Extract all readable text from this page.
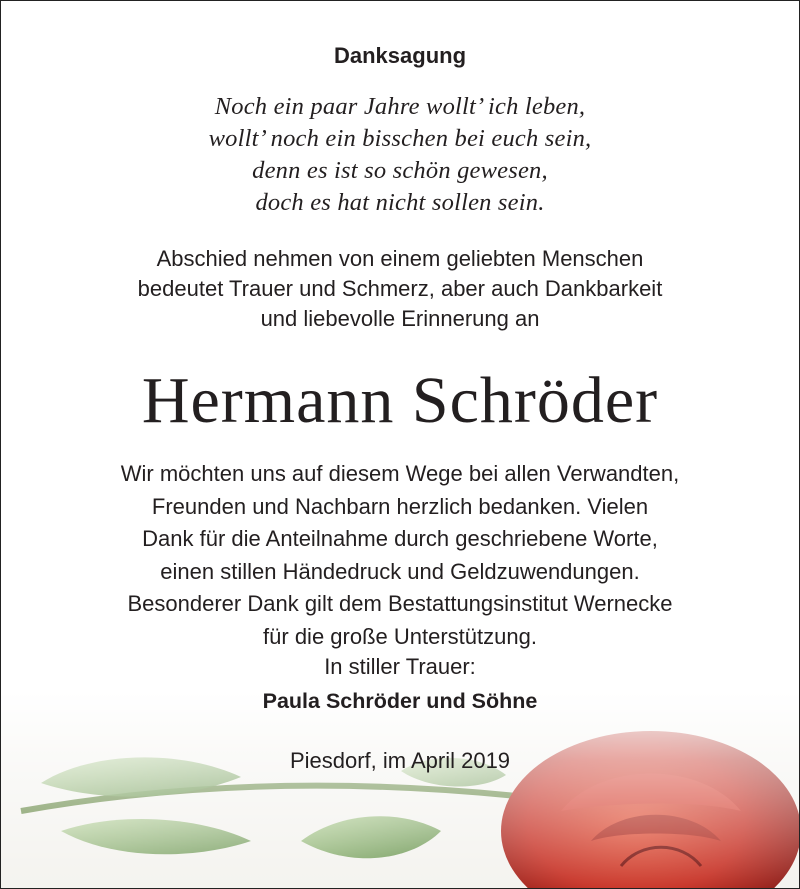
Danksagung
Noch ein paar Jahre wollt’ ich leben,
wollt’ noch ein bisschen bei euch sein,
denn es ist so schön gewesen,
doch es hat nicht sollen sein.
Abschied nehmen von einem geliebten Menschen
bedeutet Trauer und Schmerz, aber auch Dankbarkeit
und liebevolle Erinnerung an
Hermann Schröder
Wir möchten uns auf diesem Wege bei allen Verwandten,
Freunden und Nachbarn herzlich bedanken. Vielen
Dank für die Anteilnahme durch geschriebene Worte,
einen stillen Händedruck und Geldzuwendungen.
Besonderer Dank gilt dem Bestattungsinstitut Wernecke
für die große Unterstützung.
In stiller Trauer:
Paula Schröder und Söhne
Piesdorf, im April 2019
